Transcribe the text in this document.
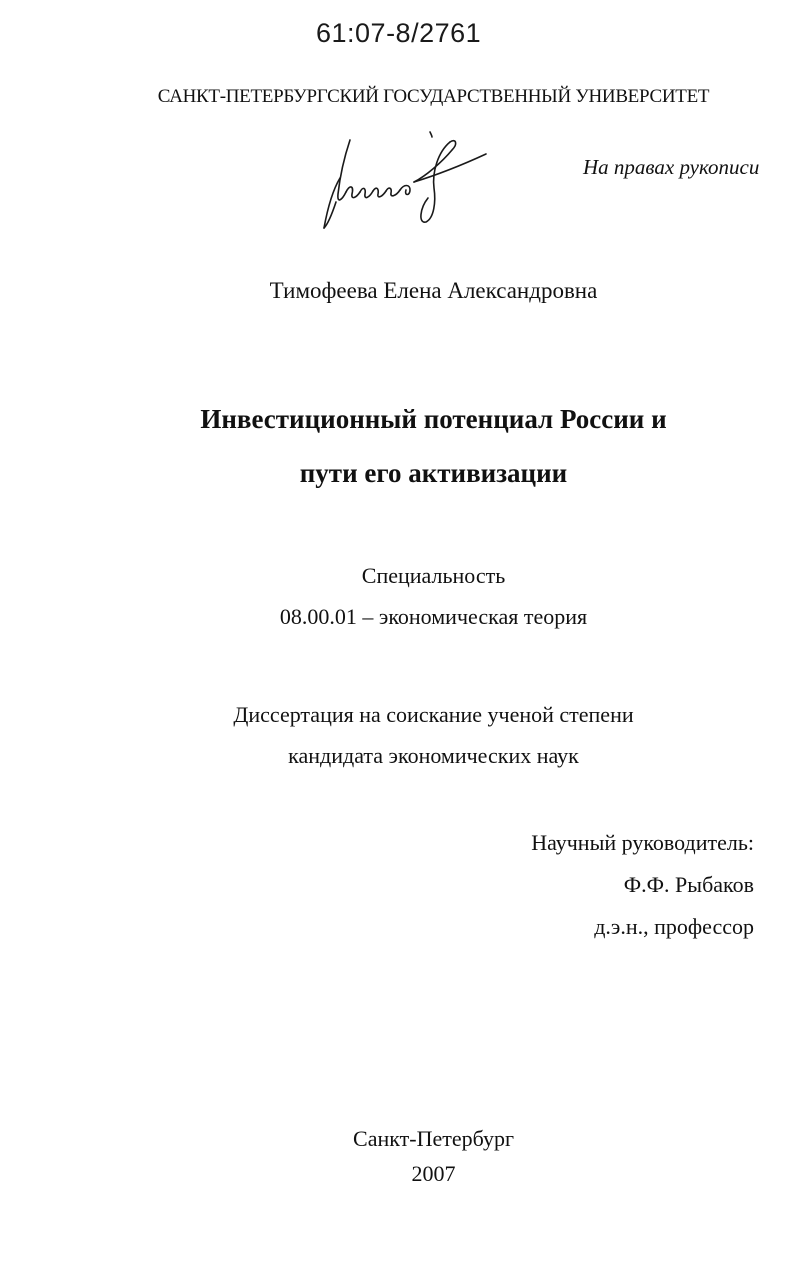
61:07-8/2761
САНКТ-ПЕТЕРБУРГСКИЙ ГОСУДАРСТВЕННЫЙ УНИВЕРСИТЕТ
На правах рукописи
Тимофеева Елена Александровна
Инвестиционный потенциал России и
пути его активизации
Специальность
08.00.01 – экономическая теория
Диссертация на соискание ученой степени
кандидата экономических наук
Научный руководитель:
Ф.Ф. Рыбаков
д.э.н., профессор
Санкт-Петербург
2007
